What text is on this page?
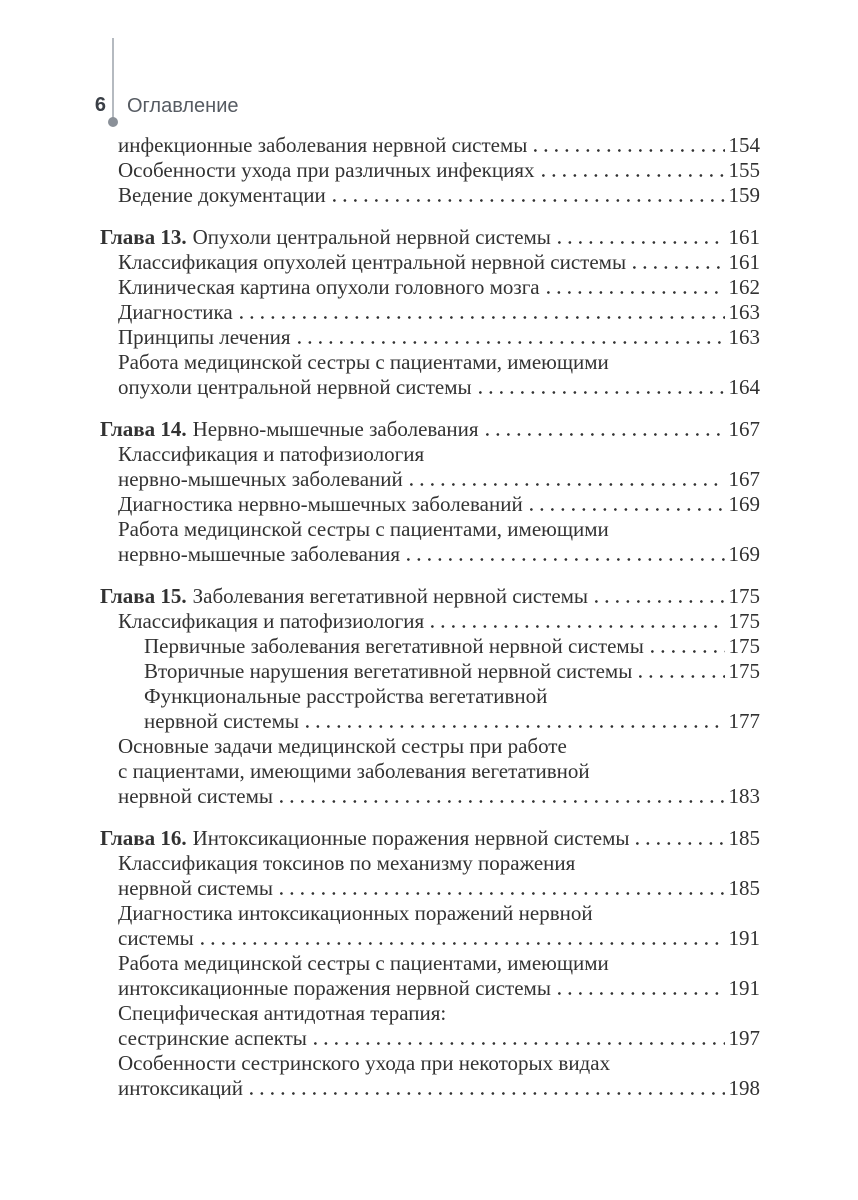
6 Оглавление
инфекционные заболевания нервной системы	154
Особенности ухода при различных инфекциях	155
Ведение документации	159
Глава 13. Опухоли центральной нервной системы	161
Классификация опухолей центральной нервной системы	161
Клиническая картина опухоли головного мозга	162
Диагностика	163
Принципы лечения	163
Работа медицинской сестры с пациентами, имеющими
опухоли центральной нервной системы	164
Глава 14. Нервно-мышечные заболевания	167
Классификация и патофизиология
нервно-мышечных заболеваний	167
Диагностика нервно-мышечных заболеваний	169
Работа медицинской сестры с пациентами, имеющими
нервно-мышечные заболевания	169
Глава 15. Заболевания вегетативной нервной системы	175
Классификация и патофизиология	175
Первичные заболевания вегетативной нервной системы	175
Вторичные нарушения вегетативной нервной системы	175
Функциональные расстройства вегетативной
нервной системы	177
Основные задачи медицинской сестры при работе
с пациентами, имеющими заболевания вегетативной
нервной системы	183
Глава 16. Интоксикационные поражения нервной системы	185
Классификация токсинов по механизму поражения
нервной системы	185
Диагностика интоксикационных поражений нервной
системы	191
Работа медицинской сестры с пациентами, имеющими
интоксикационные поражения нервной системы	191
Специфическая антидотная терапия:
сестринские аспекты	197
Особенности сестринского ухода при некоторых видах
интоксикаций	198
